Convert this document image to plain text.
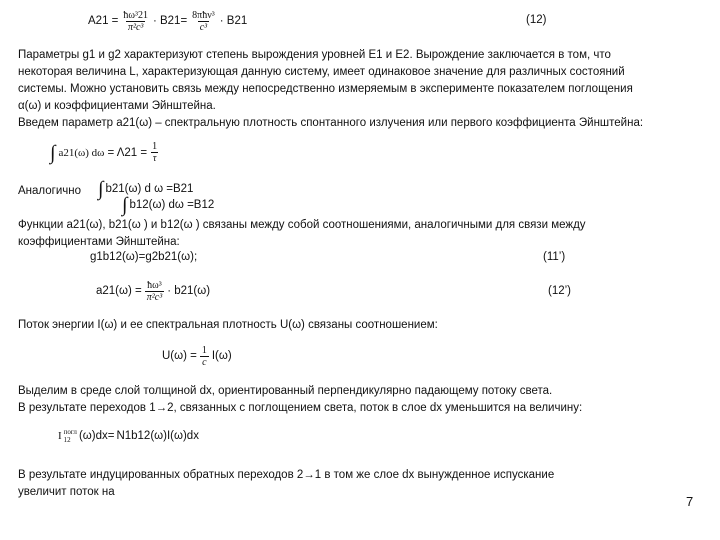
$A21 = \frac{\text{ħω³21}}{\text{π²c³}} \cdot B21= \frac{\text{8πħν³}}{\text{c³}} \cdot B21$	(12)
Параметры g1 и g2 характеризуют степень вырождения уровней E1 и E2. Вырождение заключается в том, что
некоторая величина L, характеризующая данную систему, имеет одинаковое значение для различных состояний
системы. Можно установить связь между непосредственно измеряемым в эксперименте показателем поглощения
α(ω) и коэффициентами Эйнштейна.
Введем параметр a21(ω) – спектральную плотность спонтанного излучения или первого коэффициента Эйнштейна:
∫ a21(ω) $d\omega = \Lambda 21 = \frac{1}{\tau}$
Аналогично ∫ b21(ω) d ω =B21
∫ b12(ω) dω =B12
Функции a21(ω), b21(ω ) и b12(ω ) связаны между собой соотношениями, аналогичными для связи между
коэффициентами Эйнштейна:
g1b12(ω)=g2b21(ω);	(11’)
$a21(\omega) = \frac{\text{ħω³}}{\text{π²c³}} \cdot b21(\omega)$	(12’)
Поток энергии I(ω) и ее спектральная плотность U(ω) связаны соотношением:
$U(\omega) = \frac{1}{c} I(\omega)$
Выделим в среде слой толщиной dx, ориентированный перпендикулярно падающему потоку света.
В результате переходов 1→2, связанных с поглощением света, поток в слое dx уменьшится на величину:
I погл
12 (ω)dx= N1b12(ω)I(ω)dx
В результате индуцированных обратных переходов 2→1 в том же слое dx вынужденное испускание
увеличит поток на
7
